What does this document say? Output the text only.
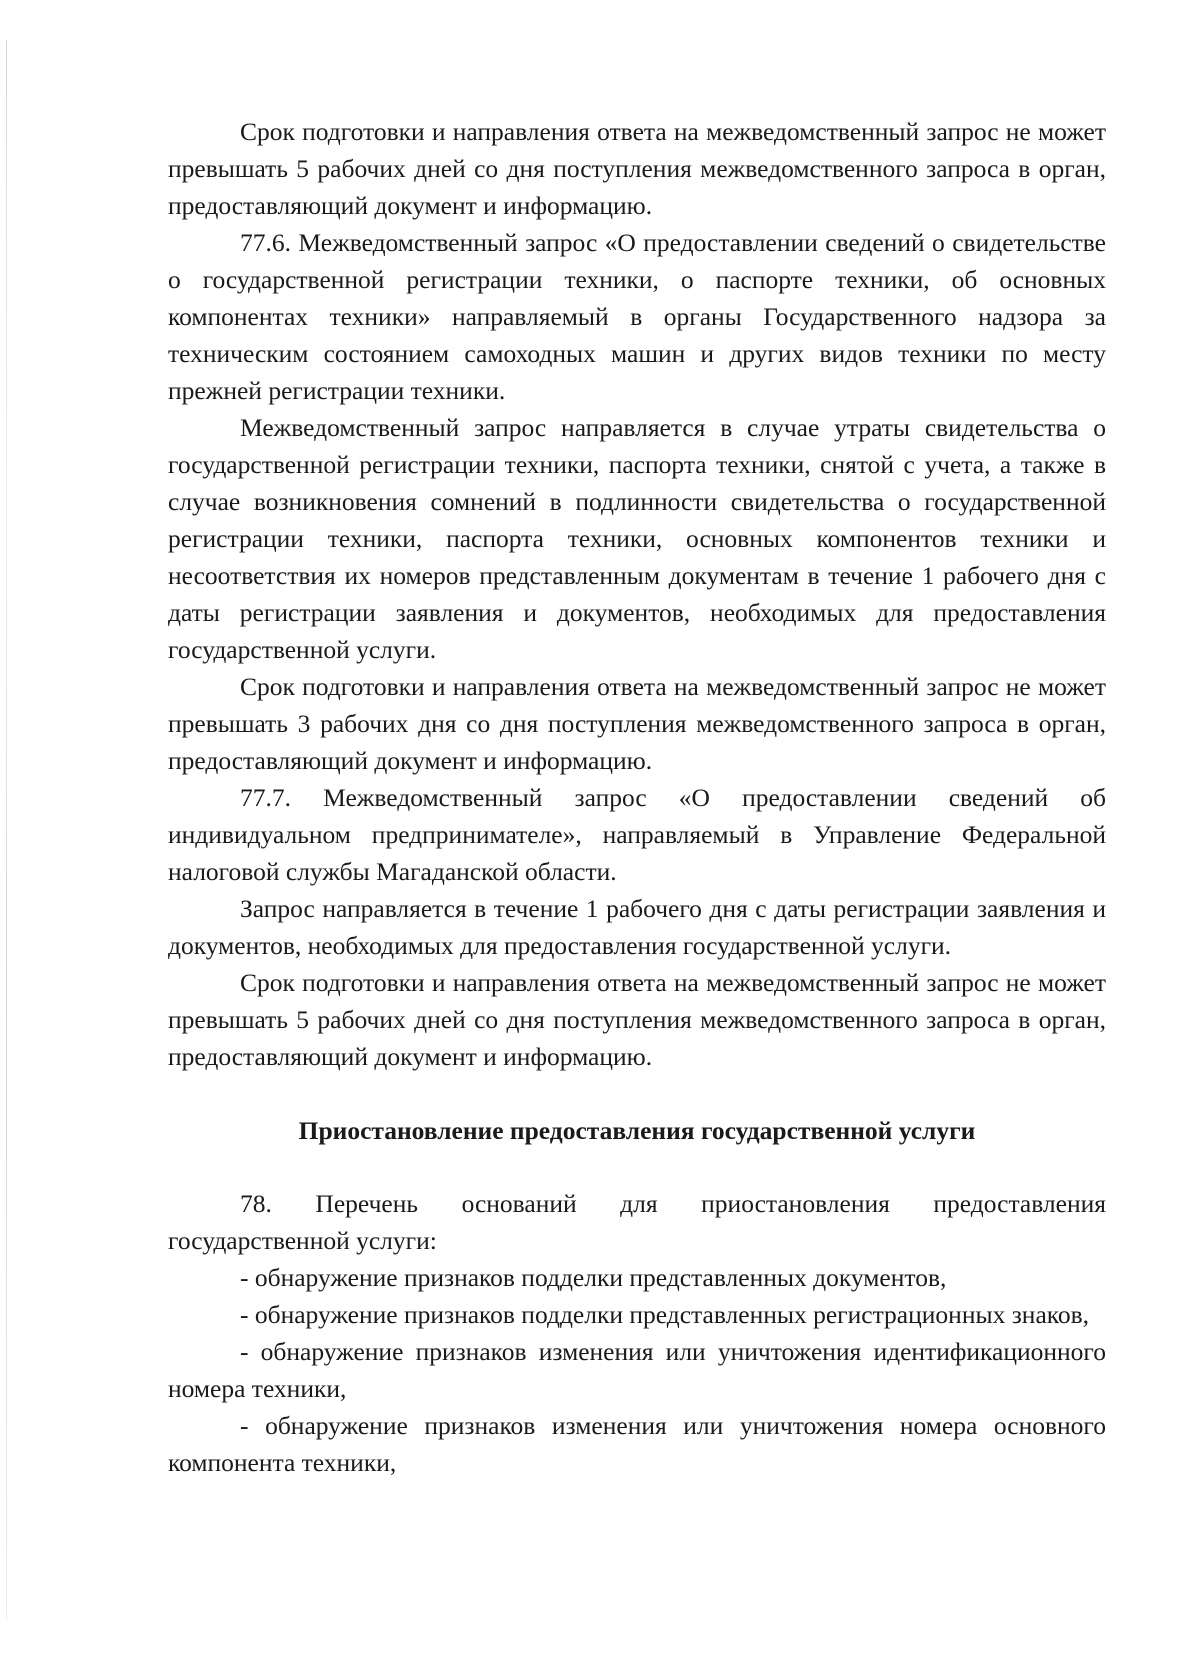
Срок подготовки и направления ответа на межведомственный запрос не может превышать 5 рабочих дней со дня поступления межведомственного запроса в орган, предоставляющий документ и информацию.

77.6. Межведомственный запрос «О предоставлении сведений о свидетельстве о государственной регистрации техники, о паспорте техники, об основных компонентах техники» направляемый в органы Государственного надзора за техническим состоянием самоходных машин и других видов техники по месту прежней регистрации техники.

Межведомственный запрос направляется в случае утраты свидетельства о государственной регистрации техники, паспорта техники, снятой с учета, а также в случае возникновения сомнений в подлинности свидетельства о государственной регистрации техники, паспорта техники, основных компонентов техники и несоответствия их номеров представленным документам в течение 1 рабочего дня с даты регистрации заявления и документов, необходимых для предоставления государственной услуги.

Срок подготовки и направления ответа на межведомственный запрос не может превышать 3 рабочих дня со дня поступления межведомственного запроса в орган, предоставляющий документ и информацию.

77.7. Межведомственный запрос «О предоставлении сведений об индивидуальном предпринимателе», направляемый в Управление Федеральной налоговой службы Магаданской области.

Запрос направляется в течение 1 рабочего дня с даты регистрации заявления и документов, необходимых для предоставления государственной услуги.

Срок подготовки и направления ответа на межведомственный запрос не может превышать 5 рабочих дней со дня поступления межведомственного запроса в орган, предоставляющий документ и информацию.

Приостановление предоставления государственной услуги

78. Перечень оснований для приостановления предоставления государственной услуги:

- обнаружение признаков подделки представленных документов,

- обнаружение признаков подделки представленных регистрационных знаков,

- обнаружение признаков изменения или уничтожения идентификационного номера техники,

- обнаружение признаков изменения или уничтожения номера основного компонента техники,
